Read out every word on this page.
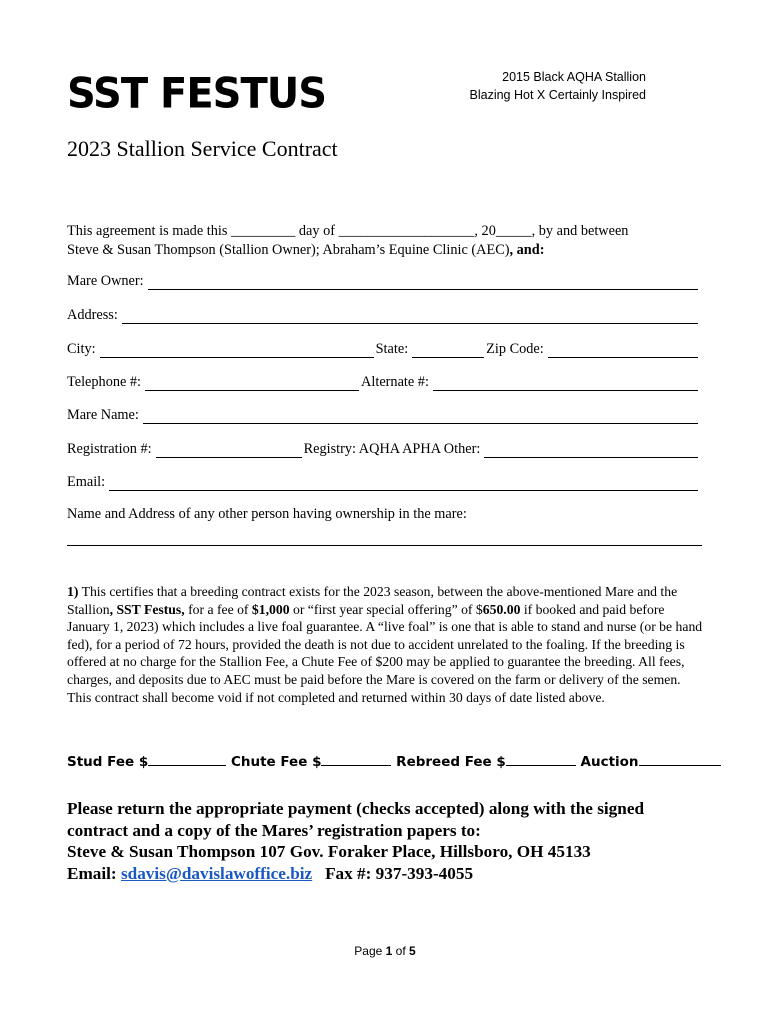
SST FESTUS	2015 Black AQHA Stallion
Blazing Hot X Certainly Inspired
2023 Stallion Service Contract
This agreement is made this _________ day of ___________________, 20_____, by and between
Steve & Susan Thompson (Stallion Owner); Abraham’s Equine Clinic (AEC), and:
Mare Owner:
Address:
City:	State:	Zip Code:
Telephone #:	Alternate #:
Mare Name:
Registration #:	Registry: AQHA APHA Other:
Email:
Name and Address of any other person having ownership in the mare:
1) This certifies that a breeding contract exists for the 2023 season, between the above-mentioned Mare and the Stallion, SST Festus, for a fee of $1,000 or “first year special offering” of $650.00 if booked and paid before January 1, 2023) which includes a live foal guarantee. A “live foal” is one that is able to stand and nurse (or be hand fed), for a period of 72 hours, provided the death is not due to accident unrelated to the foaling. If the breeding is offered at no charge for the Stallion Fee, a Chute Fee of $200 may be applied to guarantee the breeding. All fees, charges, and deposits due to AEC must be paid before the Mare is covered on the farm or delivery of the semen. This contract shall become void if not completed and returned within 30 days of date listed above.
Stud Fee $	Chute Fee $	Rebreed Fee $	Auction
Please return the appropriate payment (checks accepted) along with the signed
contract and a copy of the Mares’ registration papers to:
Steve & Susan Thompson 107 Gov. Foraker Place, Hillsboro, OH 45133
Email: sdavis@davislawoffice.biz   Fax #: 937-393-4055
Page 1 of 5
